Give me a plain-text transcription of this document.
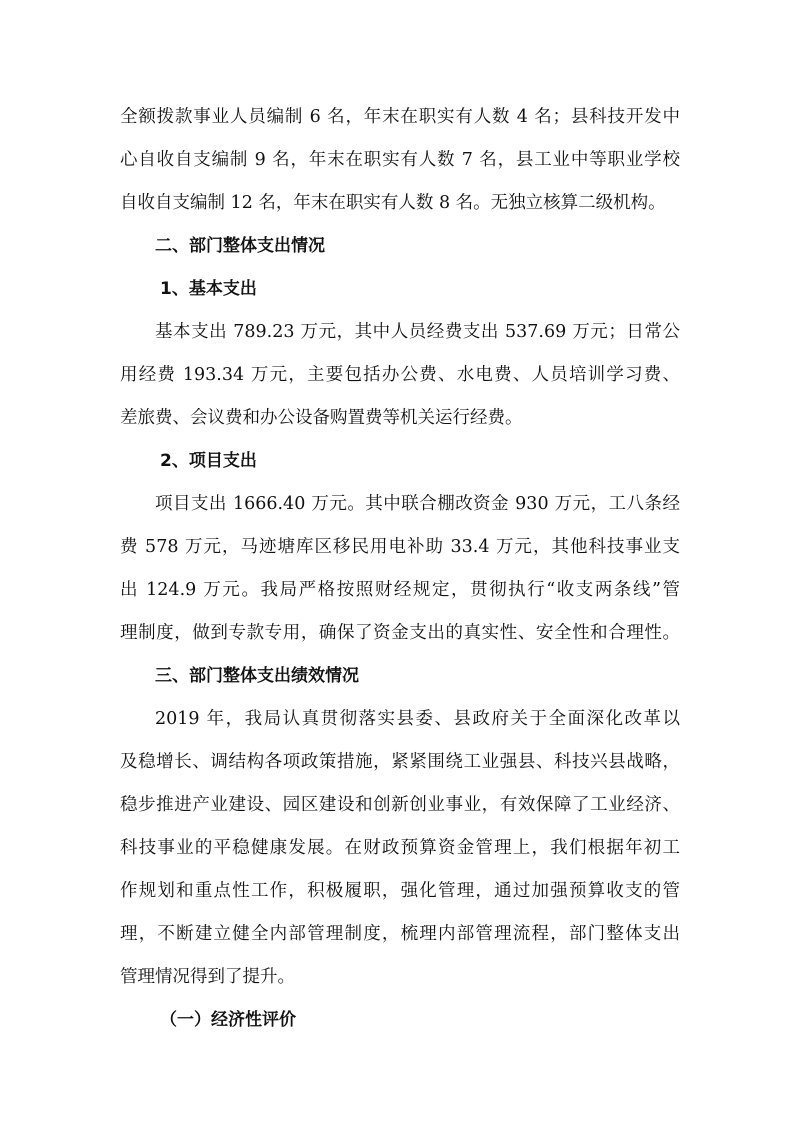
全额拨款事业人员编制 6 名，年末在职实有人数 4 名；县科技开发中
心自收自支编制 9 名，年末在职实有人数 7 名，县工业中等职业学校
自收自支编制 12 名，年末在职实有人数 8 名。无独立核算二级机构。
二、部门整体支出情况
1、基本支出
基本支出 789.23 万元，其中人员经费支出 537.69 万元；日常公
用经费 193.34 万元，主要包括办公费、水电费、人员培训学习费、
差旅费、会议费和办公设备购置费等机关运行经费。
2、项目支出
项目支出 1666.40 万元。其中联合棚改资金 930 万元，工八条经
费 578 万元，马迹塘库区移民用电补助 33.4 万元，其他科技事业支
出 124.9 万元。我局严格按照财经规定，贯彻执行“收支两条线”管
理制度，做到专款专用，确保了资金支出的真实性、安全性和合理性。
三、部门整体支出绩效情况
2019 年，我局认真贯彻落实县委、县政府关于全面深化改革以
及稳增长、调结构各项政策措施，紧紧围绕工业强县、科技兴县战略，
稳步推进产业建设、园区建设和创新创业事业，有效保障了工业经济、
科技事业的平稳健康发展。在财政预算资金管理上，我们根据年初工
作规划和重点性工作，积极履职，强化管理，通过加强预算收支的管
理，不断建立健全内部管理制度，梳理内部管理流程，部门整体支出
管理情况得到了提升。
（一）经济性评价
